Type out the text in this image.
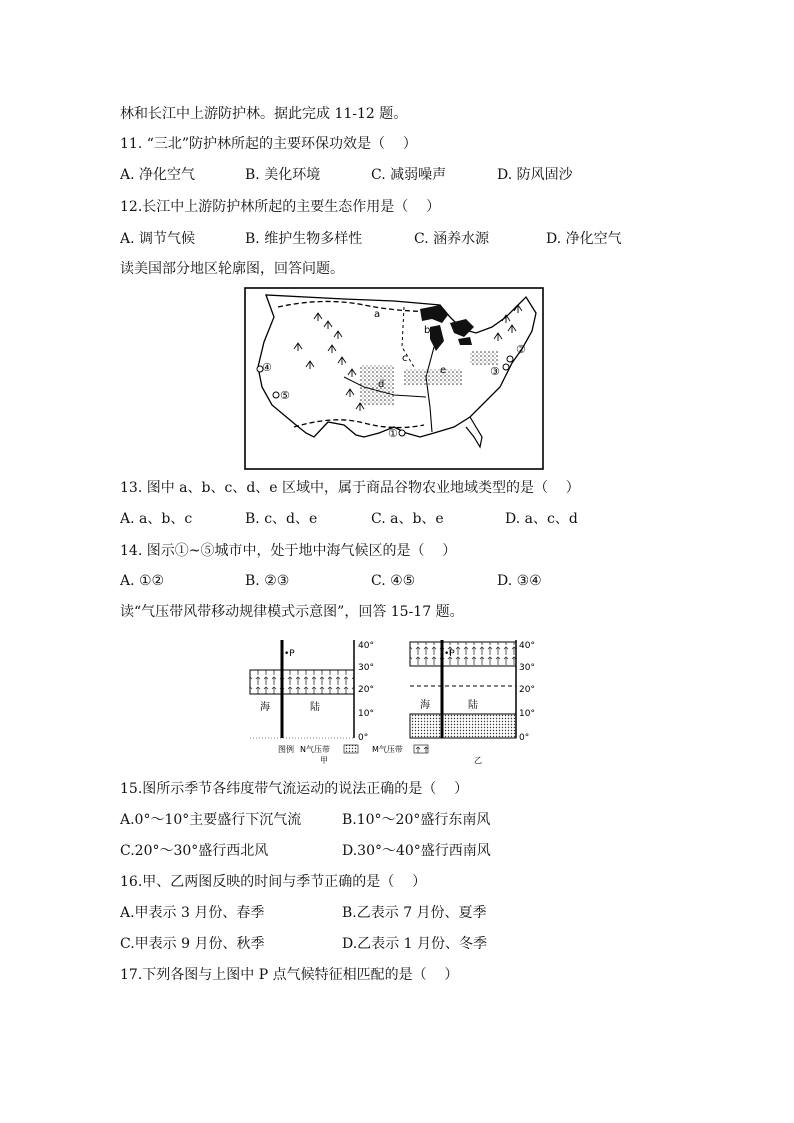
林和长江中上游防护林。据此完成 11-12 题。
11. “三北”防护林所起的主要环保功效是（    ）
A. 净化空气	B. 美化环境	C. 减弱噪声	D. 防风固沙
12.长江中上游防护林所起的主要生态作用是（    ）
A. 调节气候	B. 维护生物多样性	C. 涵养水源	D. 净化空气
读美国部分地区轮廓图，回答问题。
a
b
c
d
e
①
②
③
④
⑤
13. 图中 a、b、c、d、e 区域中，属于商品谷物农业地域类型的是（    ）
A. a、b、c	B. c、d、e	C. a、b、e	D. a、c、d
14. 图示①~⑤城市中，处于地中海气候区的是（    ）
A. ①②	B. ②③	C. ④⑤	D. ③④
读“气压带风带移动规律模式示意图”，回答 15-17 题。
•P
海	陆
40°
30°
20°
10°
0°
图例 N气压带	M气压带
甲
•P
海	陆
40°
30°
20°
10°
0°
乙
15.图所示季节各纬度带气流运动的说法正确的是（    ）
A.0°～10°主要盛行下沉气流	B.10°～20°盛行东南风
C.20°～30°盛行西北风	D.30°～40°盛行西南风
16.甲、乙两图反映的时间与季节正确的是（    ）
A.甲表示 3 月份、春季	B.乙表示 7 月份、夏季
C.甲表示 9 月份、秋季	D.乙表示 1 月份、冬季
17.下列各图与上图中 P 点气候特征相匹配的是（    ）
